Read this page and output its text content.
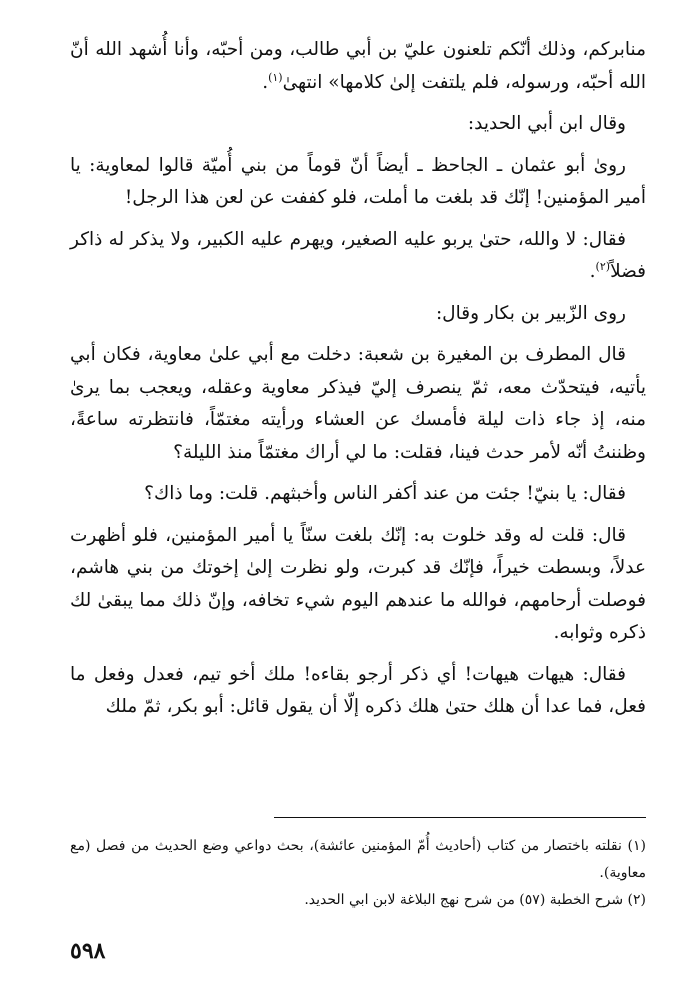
منابركم، وذلك أنّكم تلعنون عليّ بن أبي طالب، ومن أحبّه، وأنا أُشهد الله أنّ الله أحبّه، ورسوله، فلم يلتفت إلىٰ كلامها» انتهىٰ$^{(١)}$.

وقال ابن أبي الحديد:

روىٰ أبو عثمان ـ الجاحظ ـ أيضاً أنّ قوماً من بني أُميّة قالوا لمعاوية: يا أمير المؤمنين! إنّك قد بلغت ما أملت، فلو كففت عن لعن هذا الرجل!

فقال: لا والله، حتىٰ يربو عليه الصغير، ويهرم عليه الكبير، ولا يذكر له ذاكر فضلاً$^{(٢)}$.

روى الزّبير بن بكار وقال:

قال المطرف بن المغيرة بن شعبة: دخلت مع أبي علىٰ معاوية، فكان أبي يأتيه، فيتحدّث معه، ثمّ ينصرف إليّ فيذكر معاوية وعقله، ويعجب بما يرىٰ منه، إذ جاء ذات ليلة فأمسك عن العشاء ورأيته مغتمّاً، فانتظرته ساعةً، وظننتُ أنّه لأمر حدث فينا، فقلت: ما لي أراك مغتمّاً منذ الليلة؟

فقال: يا بنيّ! جئت من عند أكفر الناس وأخبثهم. قلت: وما ذاك؟

قال: قلت له وقد خلوت به: إنّك بلغت سنّاً يا أمير المؤمنين، فلو أظهرت عدلاً، وبسطت خيراً، فإنّك قد كبرت، ولو نظرت إلىٰ إخوتك من بني هاشم، فوصلت أرحامهم، فوالله ما عندهم اليوم شيء تخافه، وإنّ ذلك مما يبقىٰ لك ذكره وثوابه.

فقال: هيهات هيهات! أي ذكر أرجو بقاءه! ملك أخو تيم، فعدل وفعل ما فعل، فما عدا أن هلك حتىٰ هلك ذكره إلّا أن يقول قائل: أبو بكر، ثمّ ملك

(١) نقلته باختصار من كتاب (أحاديث أُمّ المؤمنين عائشة)، بحث دواعي وضع الحديث من فصل (مع معاوية).

(٢) شرح الخطبة (٥٧) من شرح نهج البلاغة لابن ابي الحديد.

٥٩٨
